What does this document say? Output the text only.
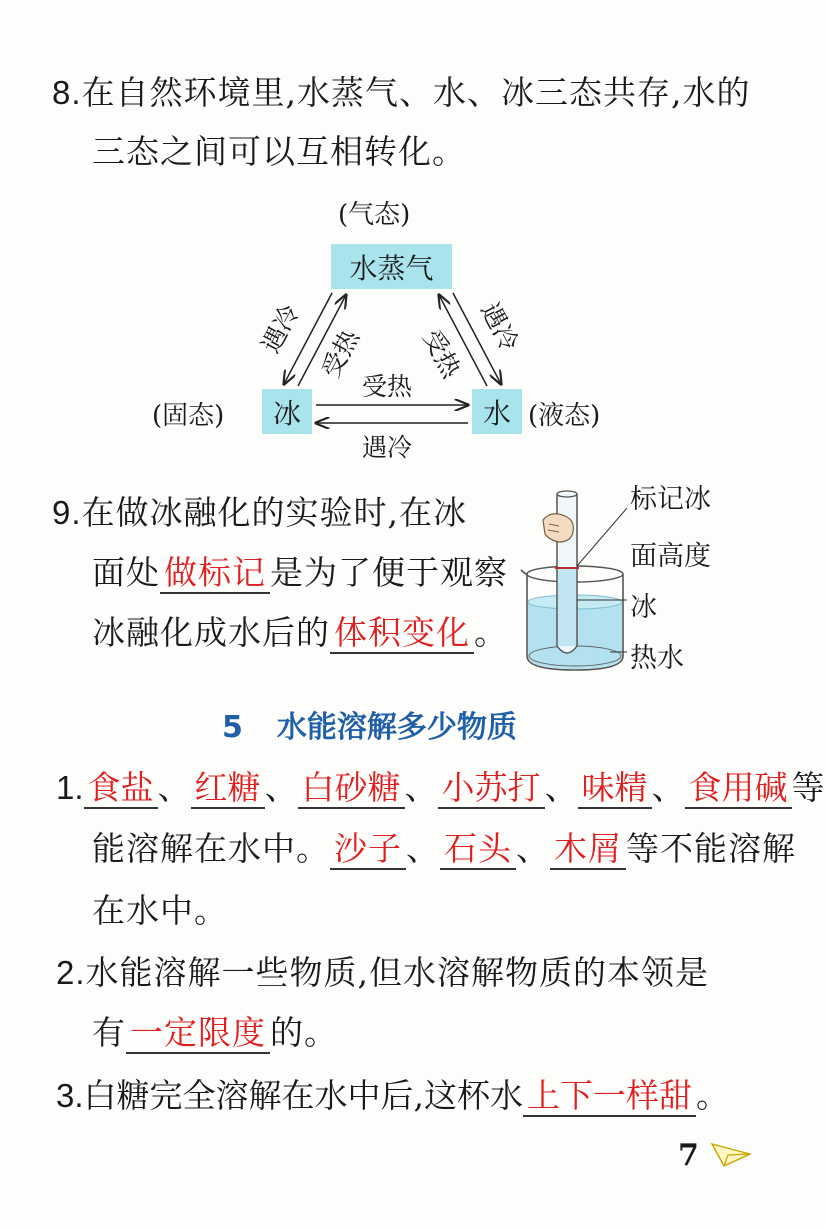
8.在自然环境里,水蒸气、水、冰三态共存,水的
三态之间可以互相转化。
(气态)
水蒸气
冰	水
(固态)	(液态)
遇冷 受热 受热 遇冷
受热
遇冷
9.在做冰融化的实验时,在冰
面处 做标记 是为了便于观察
冰融化成水后的 体积变化 。
标记冰
面高度
冰
热水
5 水能溶解多少物质
1. 食盐 、 红糖 、 白砂糖 、 小苏打 、 味精 、 食用碱 等
能溶解在水中。 沙子 、 石头 、 木屑 等不能溶解
在水中。
2.水能溶解一些物质,但水溶解物质的本领是
有 一定限度 的。
3.白糖完全溶解在水中后,这杯水 上下一样甜 。
7
